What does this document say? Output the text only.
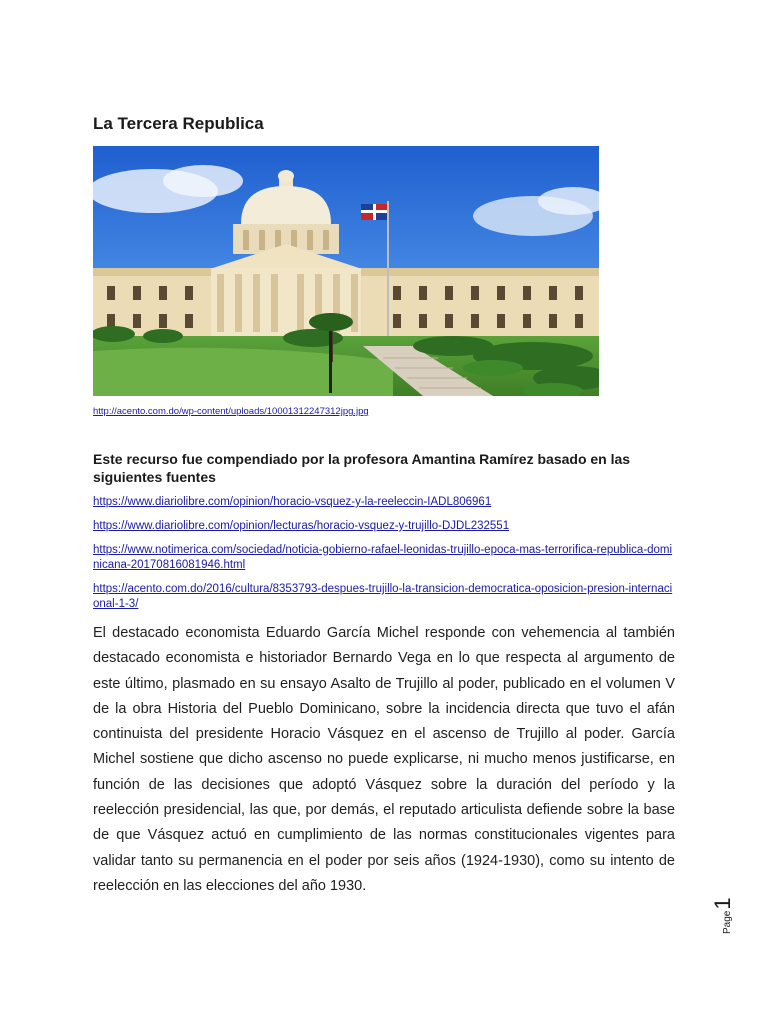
La Tercera Republica
http://acento.com.do/wp-content/uploads/10001312247312jpg.jpg

Este recurso fue compendiado por la profesora Amantina Ramírez basado en las siguientes fuentes

https://www.diariolibre.com/opinion/horacio-vsquez-y-la-reeleccin-IADL806961
https://www.diariolibre.com/opinion/lecturas/horacio-vsquez-y-trujillo-DJDL232551
https://www.notimerica.com/sociedad/noticia-gobierno-rafael-leonidas-trujillo-epoca-mas-terrorifica-republica-dominicana-20170816081946.html
https://acento.com.do/2016/cultura/8353793-despues-trujillo-la-transicion-democratica-oposicion-presion-internacional-1-3/

El destacado economista Eduardo García Michel responde con vehemencia al también destacado economista e historiador Bernardo Vega en lo que respecta al argumento de este último, plasmado en su ensayo Asalto de Trujillo al poder, publicado en el volumen V de la obra Historia del Pueblo Dominicano, sobre la incidencia directa que tuvo el afán continuista del presidente Horacio Vásquez en el ascenso de Trujillo al poder. García Michel sostiene que dicho ascenso no puede explicarse, ni mucho menos justificarse, en función de las decisiones que adoptó Vásquez sobre la duración del período y la reelección presidencial, las que, por demás, el reputado articulista defiende sobre la base de que Vásquez actuó en cumplimiento de las normas constitucionales vigentes para validar tanto su permanencia en el poder por seis años (1924-1930), como su intento de reelección en las elecciones del año 1930.

Page1
